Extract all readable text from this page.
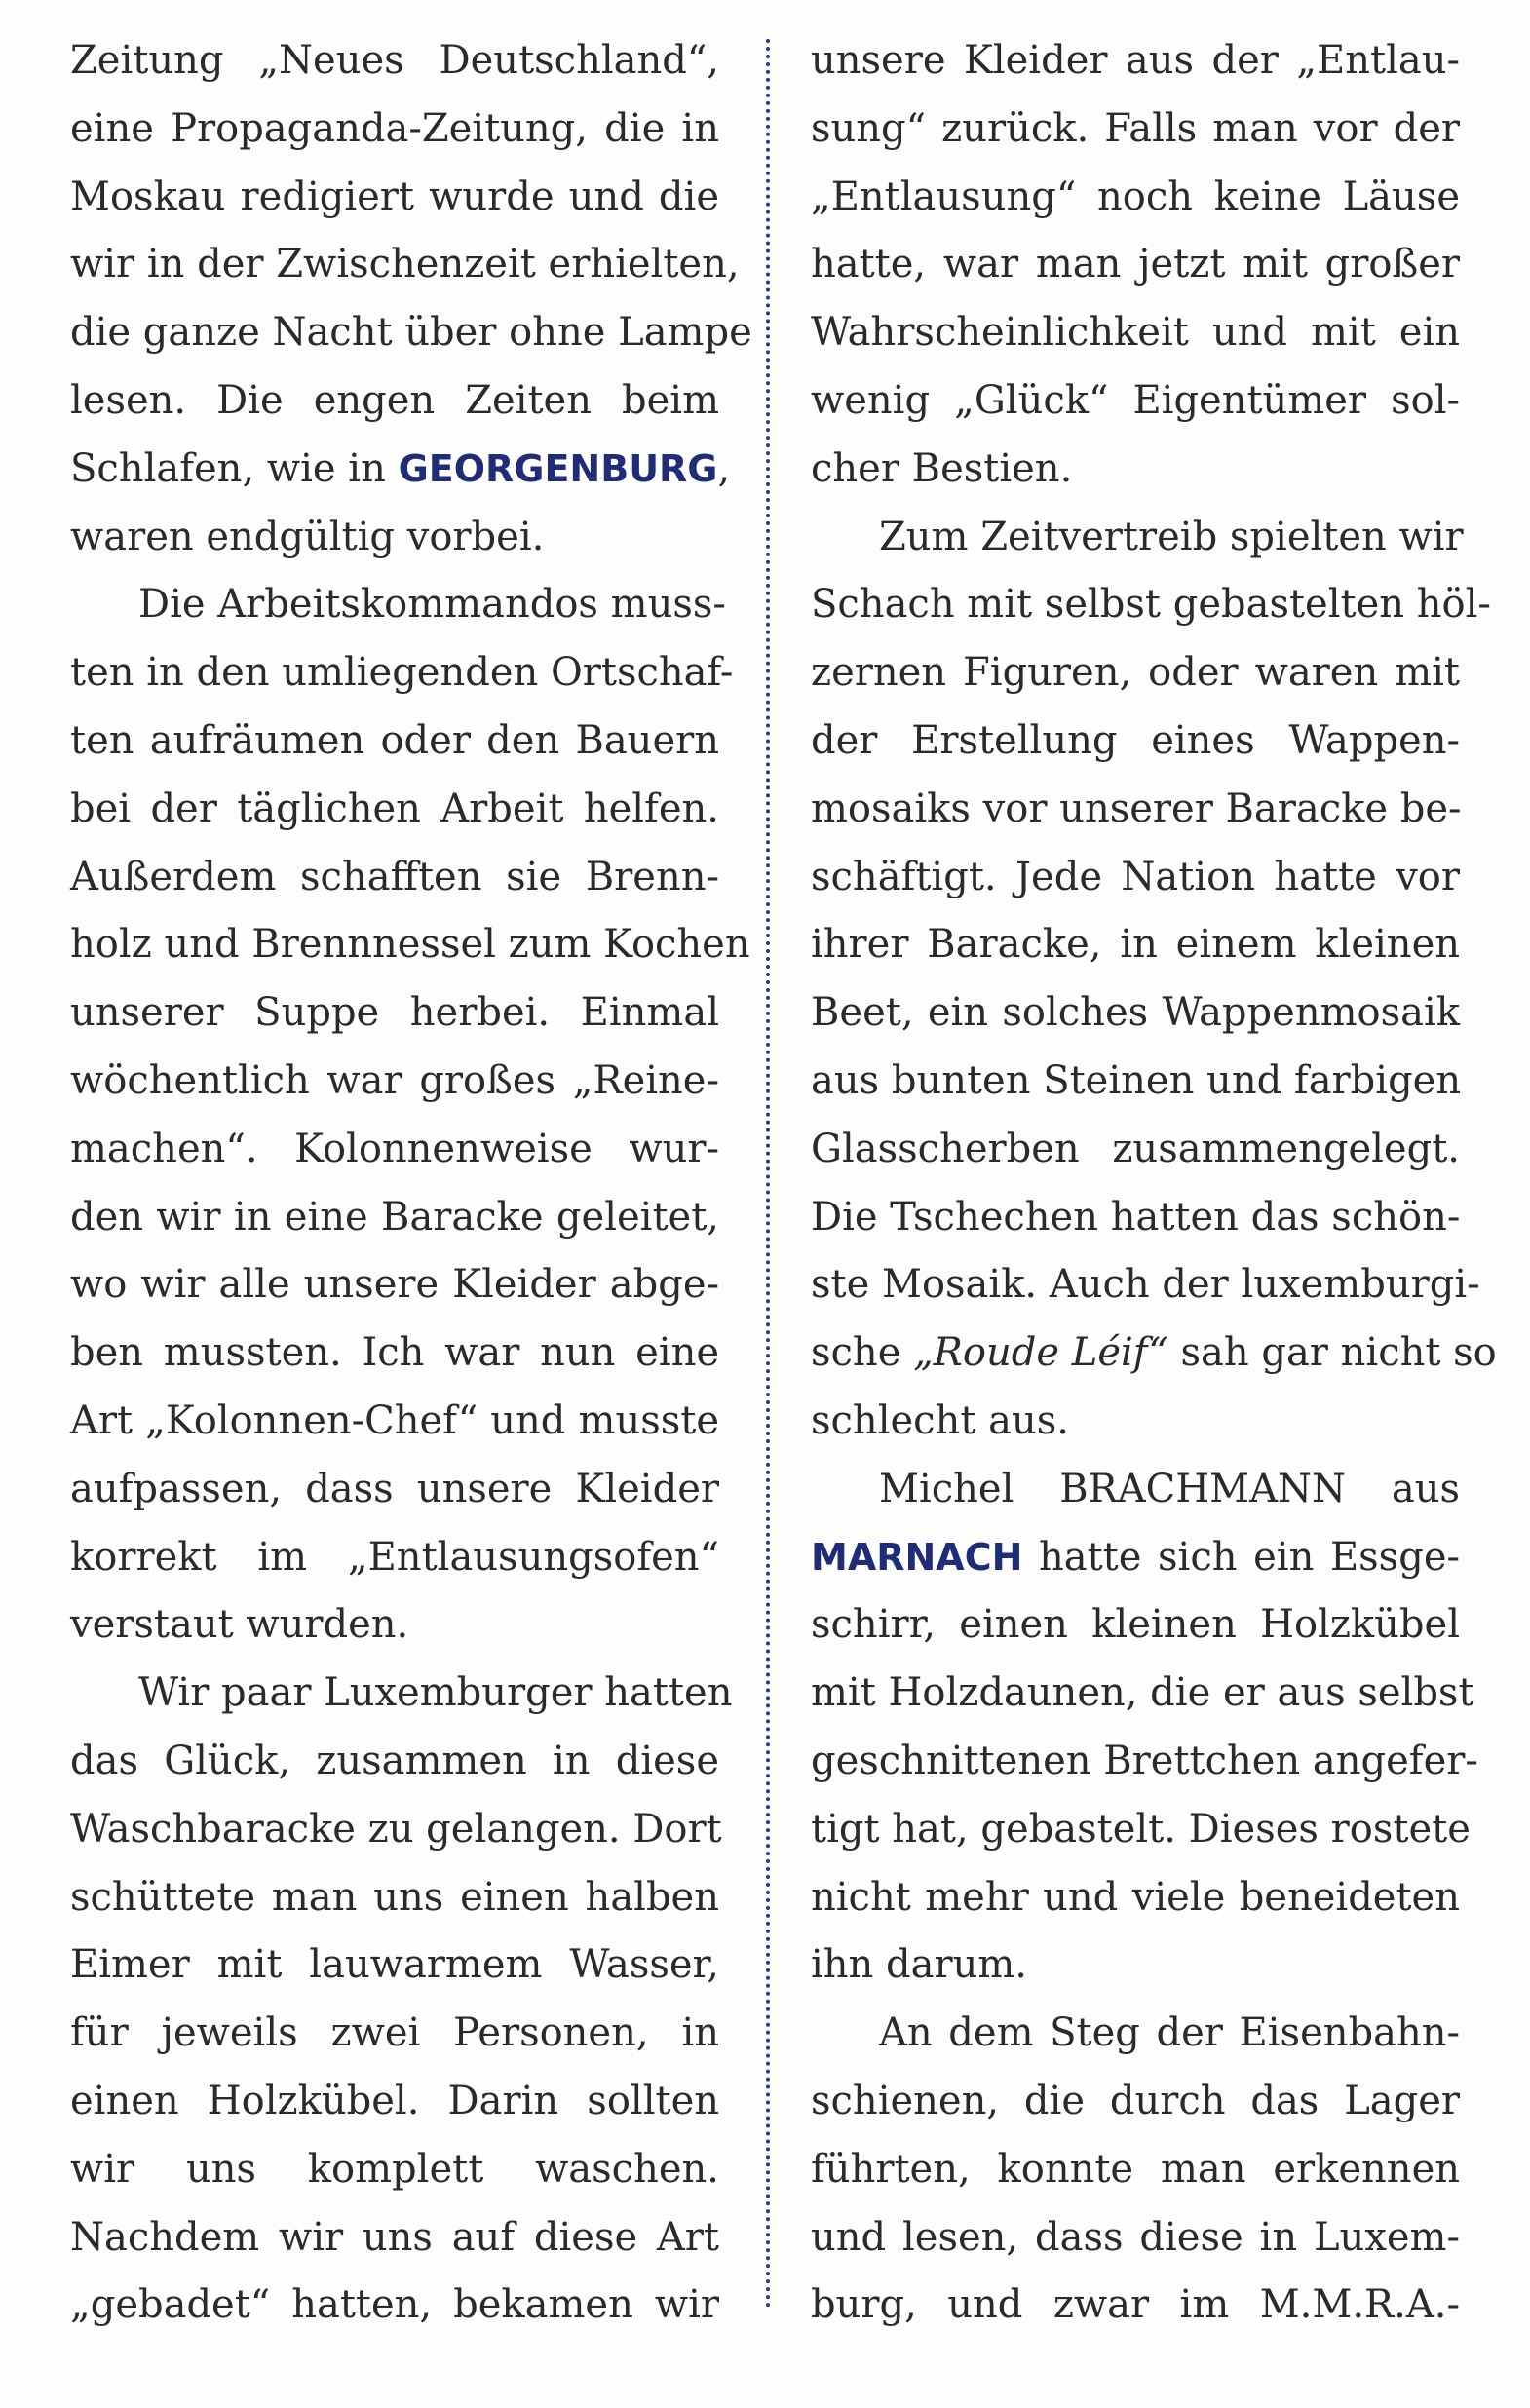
Zeitung „Neues Deutschland“,
eine Propaganda-Zeitung, die in
Moskau redigiert wurde und die
wir in der Zwischenzeit erhielten,
die ganze Nacht über ohne Lampe
lesen. Die engen Zeiten beim
Schlafen, wie in GEORGENBURG,
waren endgültig vorbei.
Die Arbeitskommandos muss-
ten in den umliegenden Ortschaf-
ten aufräumen oder den Bauern
bei der täglichen Arbeit helfen.
Außerdem schafften sie Brenn-
holz und Brennnessel zum Kochen
unserer Suppe herbei. Einmal
wöchentlich war großes „Reine-
machen“. Kolonnenweise wur-
den wir in eine Baracke geleitet,
wo wir alle unsere Kleider abge-
ben mussten. Ich war nun eine
Art „Kolonnen-Chef“ und musste
aufpassen, dass unsere Kleider
korrekt im „Entlausungsofen“
verstaut wurden.
Wir paar Luxemburger hatten
das Glück, zusammen in diese
Waschbaracke zu gelangen. Dort
schüttete man uns einen halben
Eimer mit lauwarmem Wasser,
für jeweils zwei Personen, in
einen Holzkübel. Darin sollten
wir uns komplett waschen.
Nachdem wir uns auf diese Art
„gebadet“ hatten, bekamen wir
unsere Kleider aus der „Entlau-
sung“ zurück. Falls man vor der
„Entlausung“ noch keine Läuse
hatte, war man jetzt mit großer
Wahrscheinlichkeit und mit ein
wenig „Glück“ Eigentümer sol-
cher Bestien.
Zum Zeitvertreib spielten wir
Schach mit selbst gebastelten höl-
zernen Figuren, oder waren mit
der Erstellung eines Wappen-
mosaiks vor unserer Baracke be-
schäftigt. Jede Nation hatte vor
ihrer Baracke, in einem kleinen
Beet, ein solches Wappenmosaik
aus bunten Steinen und farbigen
Glasscherben zusammengelegt.
Die Tschechen hatten das schön-
ste Mosaik. Auch der luxemburgi-
sche „Roude Léif“ sah gar nicht so
schlecht aus.
Michel BRACHMANN aus
MARNACH hatte sich ein Essge-
schirr, einen kleinen Holzkübel
mit Holzdaunen, die er aus selbst
geschnittenen Brettchen angefer-
tigt hat, gebastelt. Dieses rostete
nicht mehr und viele beneideten
ihn darum.
An dem Steg der Eisenbahn-
schienen, die durch das Lager
führten, konnte man erkennen
und lesen, dass diese in Luxem-
burg, und zwar im M.M.R.A.-
